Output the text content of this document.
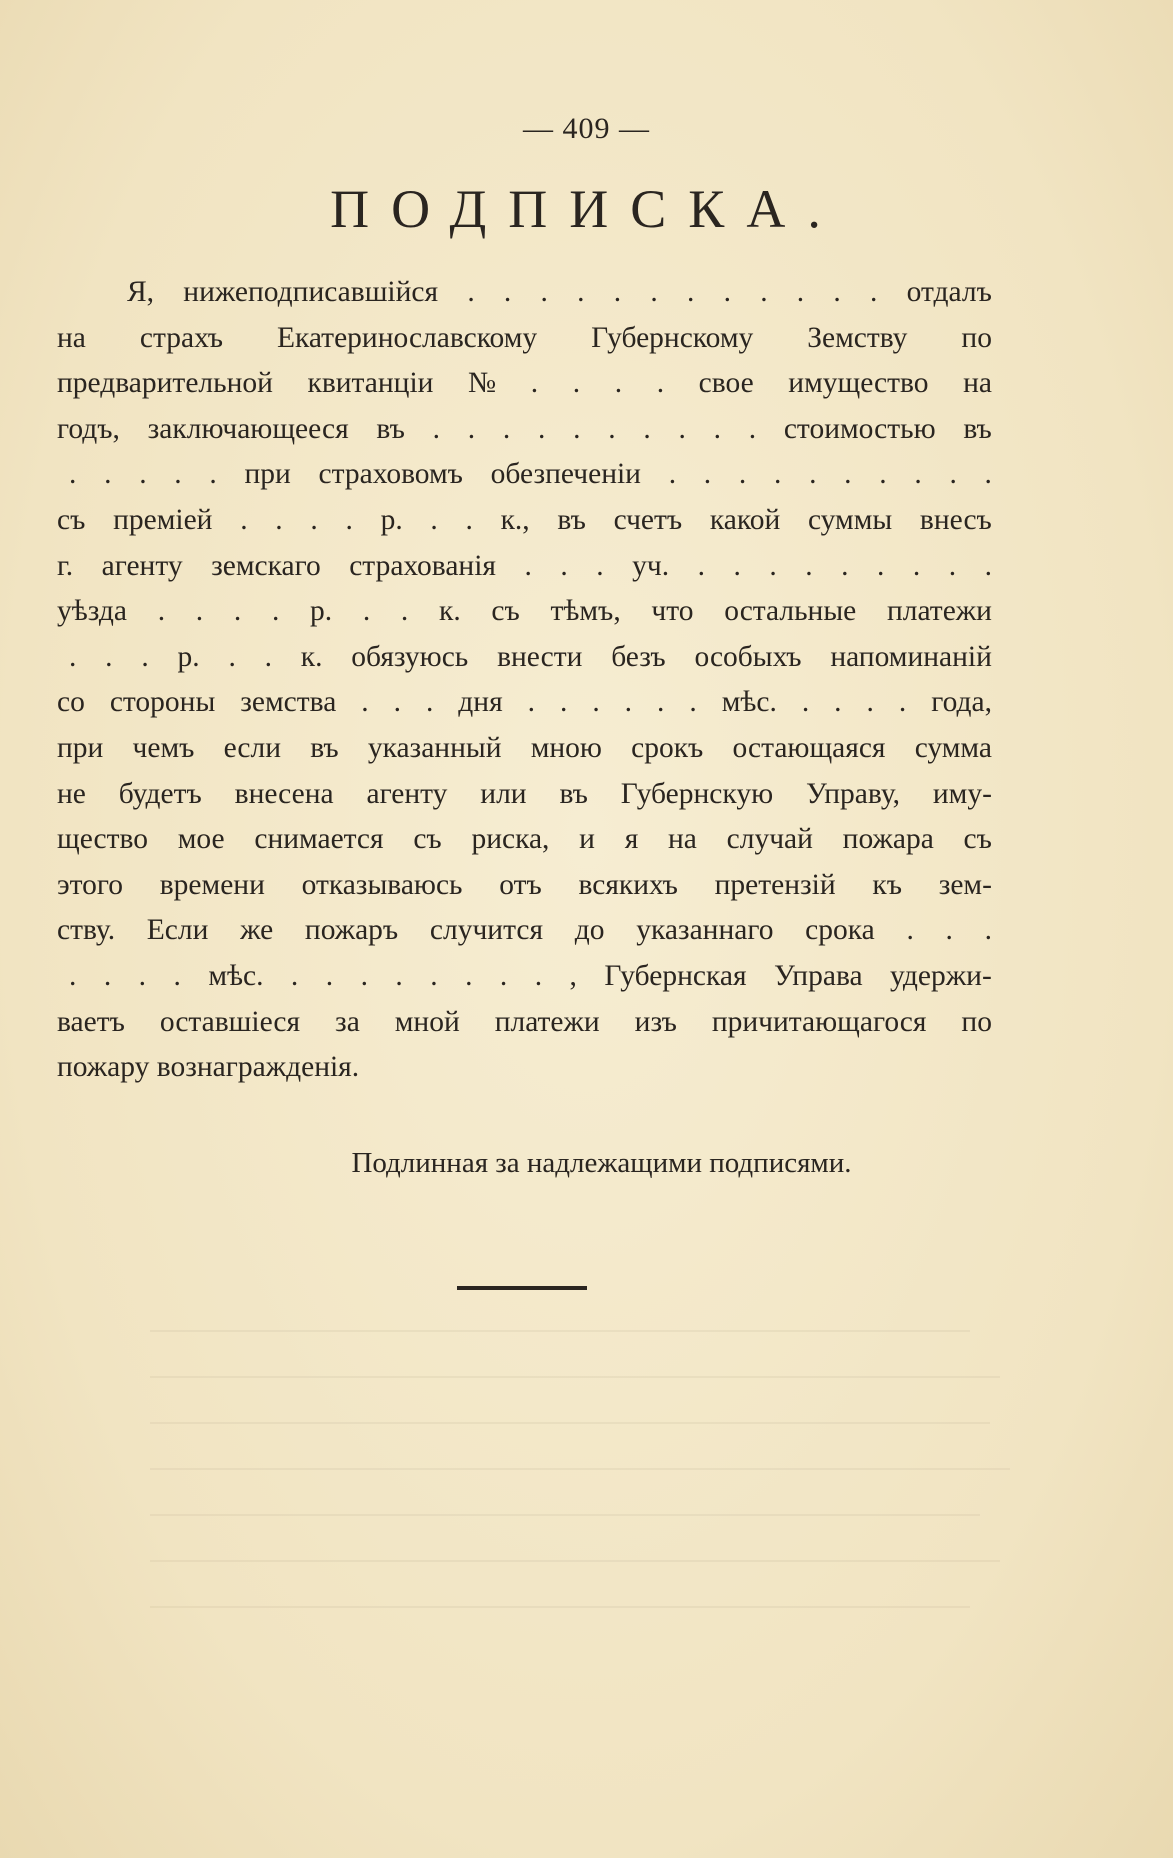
— 409 —
ПОДПИСКА.
Я, нижеподписавшійся . . . . . . . . . . . . отдалъ
на страхъ Екатеринославскому Губернскому Земству по
предварительной квитанціи № . . . . свое имущество на
годъ, заключающееся въ . . . . . . . . . . стоимостью въ
. . . . . при страховомъ обезпеченіи . . . . . . . . . .
съ преміей . . . . р. . . к., въ счетъ какой суммы внесъ
г. агенту земскаго страхованія . . . уч. . . . . . . . . .
уѣзда . . . . р. . . к. съ тѣмъ, что остальные платежи
. . . р. . . к. обязуюсь внести безъ особыхъ напоминаній
со стороны земства . . . дня . . . . . . мѣс. . . . . года,
при чемъ если въ указанный мною срокъ остающаяся сумма
не будетъ внесена агенту или въ Губернскую Управу, иму-
щество мое снимается съ риска, и я на случай пожара съ
этого времени отказываюсь отъ всякихъ претензій къ зем-
ству. Если же пожаръ случится до указаннаго срока . . .
. . . . мѣс. . . . . . . . . , Губернская Управа удержи-
ваетъ оставшіеся за мной платежи изъ причитающагося по
пожару вознагражденія.
Подлинная за надлежащими подписями.
